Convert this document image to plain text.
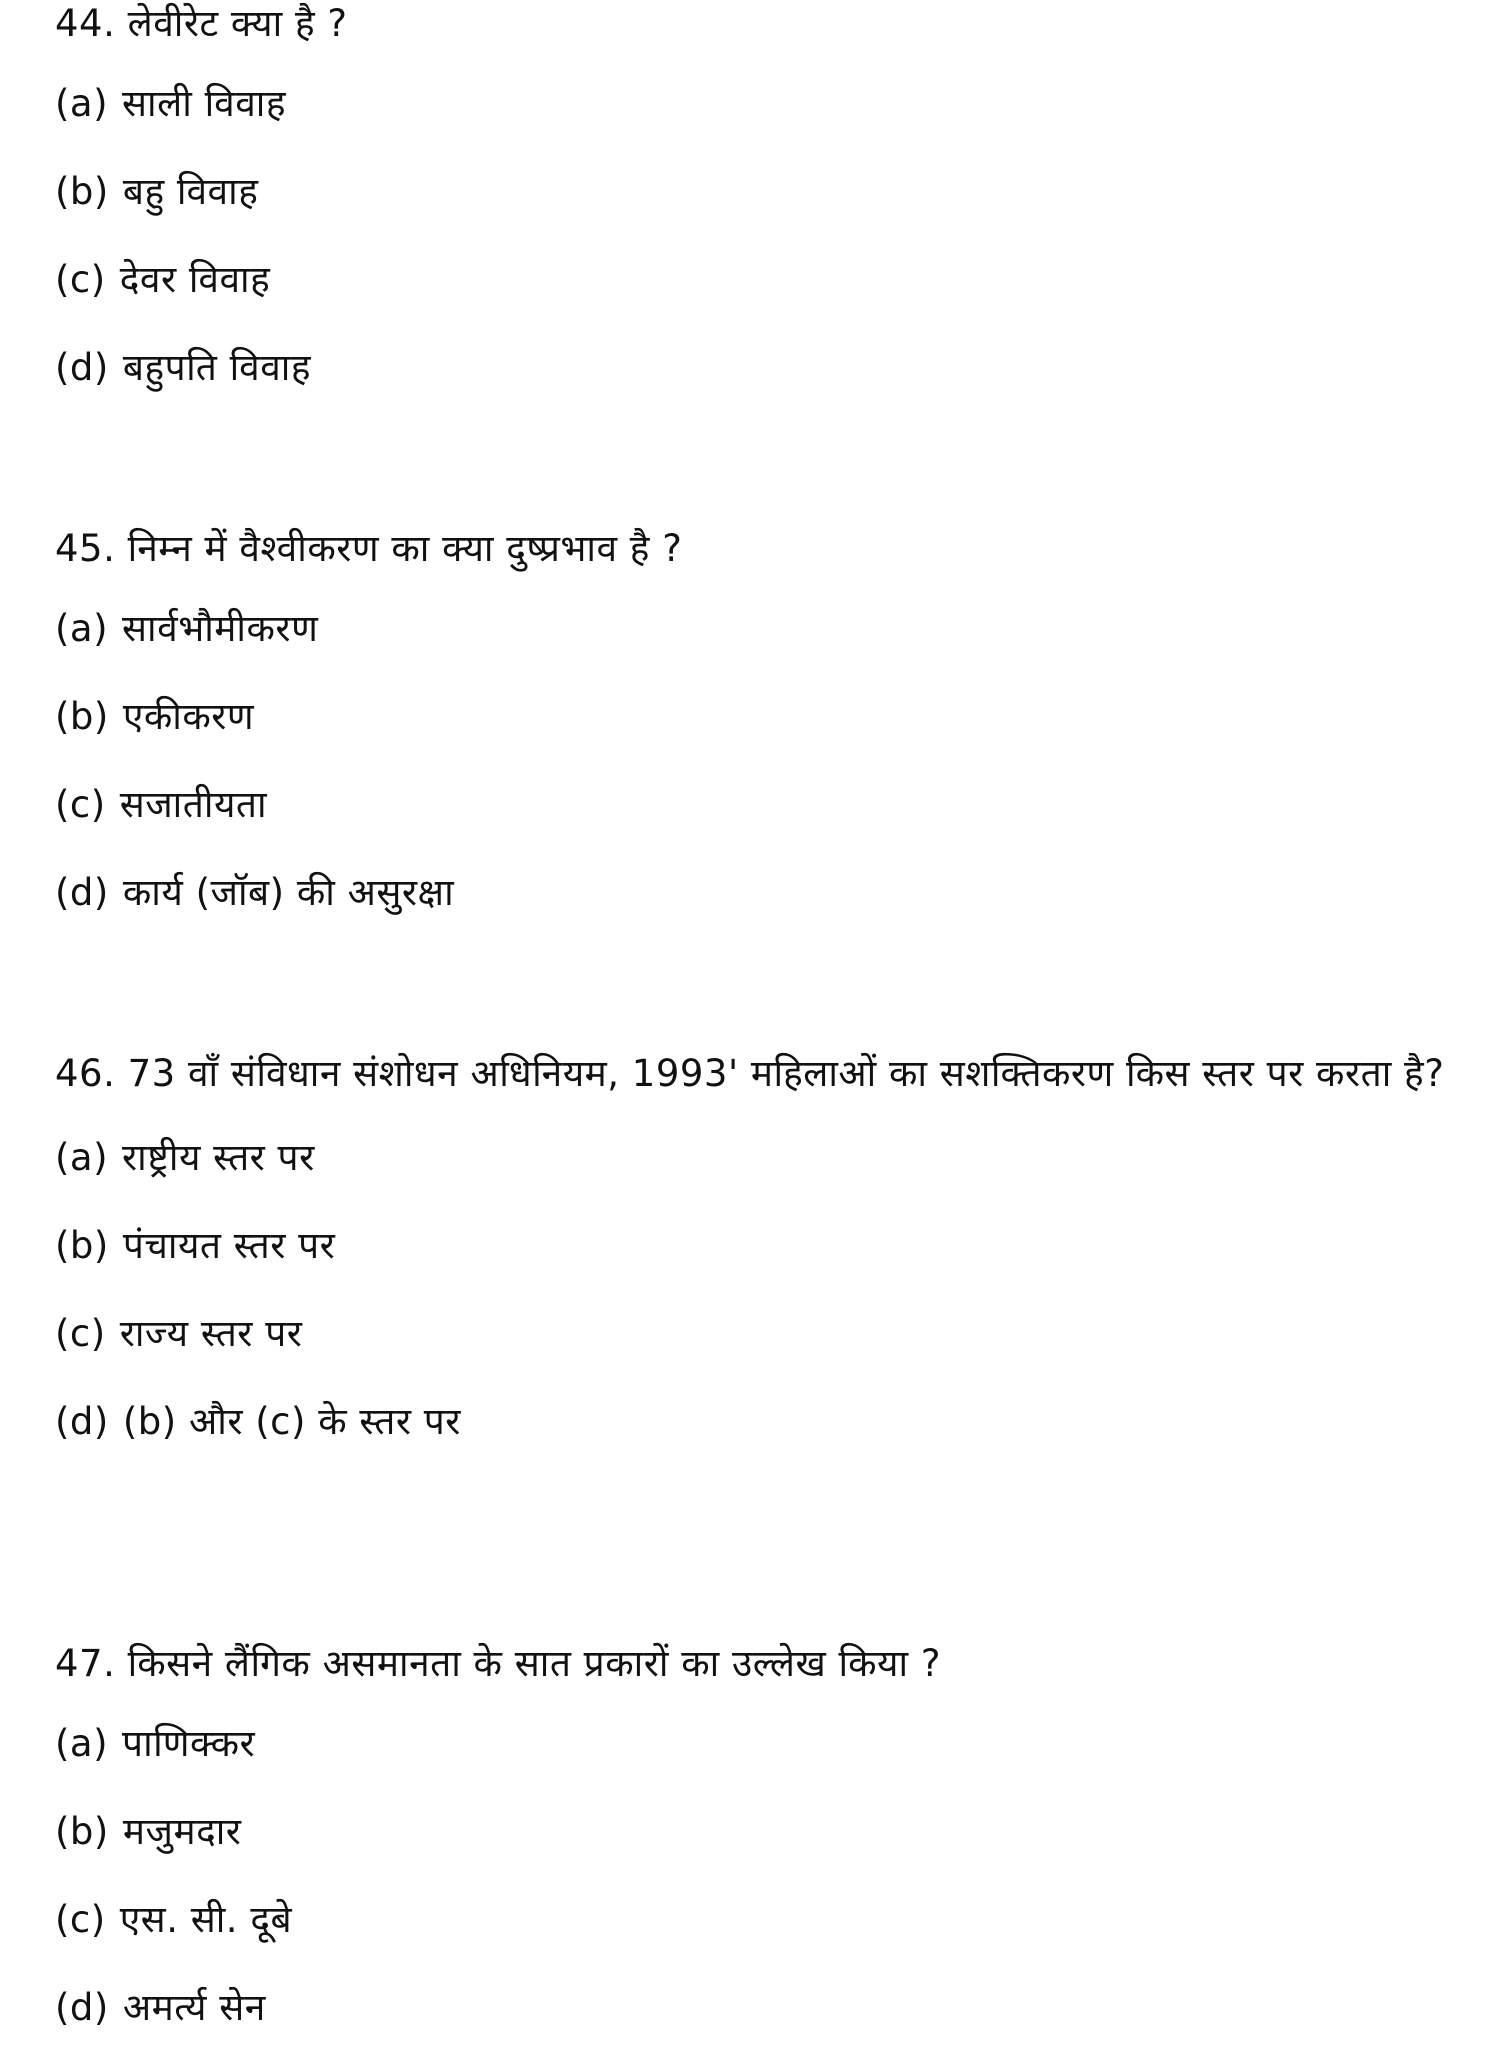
44. लेवीरेट क्या है ?

(a) साली विवाह

(b) बहु विवाह

(c) देवर विवाह

(d) बहुपति विवाह

45. निम्न में वैश्वीकरण का क्या दुष्प्रभाव है ?

(a) सार्वभौमीकरण

(b) एकीकरण

(c) सजातीयता

(d) कार्य (जॉब) की असुरक्षा

46. 73 वाँ संविधान संशोधन अधिनियम, 1993' महिलाओं का सशक्तिकरण किस स्तर पर करता है?

(a) राष्ट्रीय स्तर पर

(b) पंचायत स्तर पर

(c) राज्य स्तर पर

(d) (b) और (c) के स्तर पर

47. किसने लैंगिक असमानता के सात प्रकारों का उल्लेख किया ?

(a) पाणिक्कर

(b) मजुमदार

(c) एस. सी. दूबे

(d) अमर्त्य सेन
